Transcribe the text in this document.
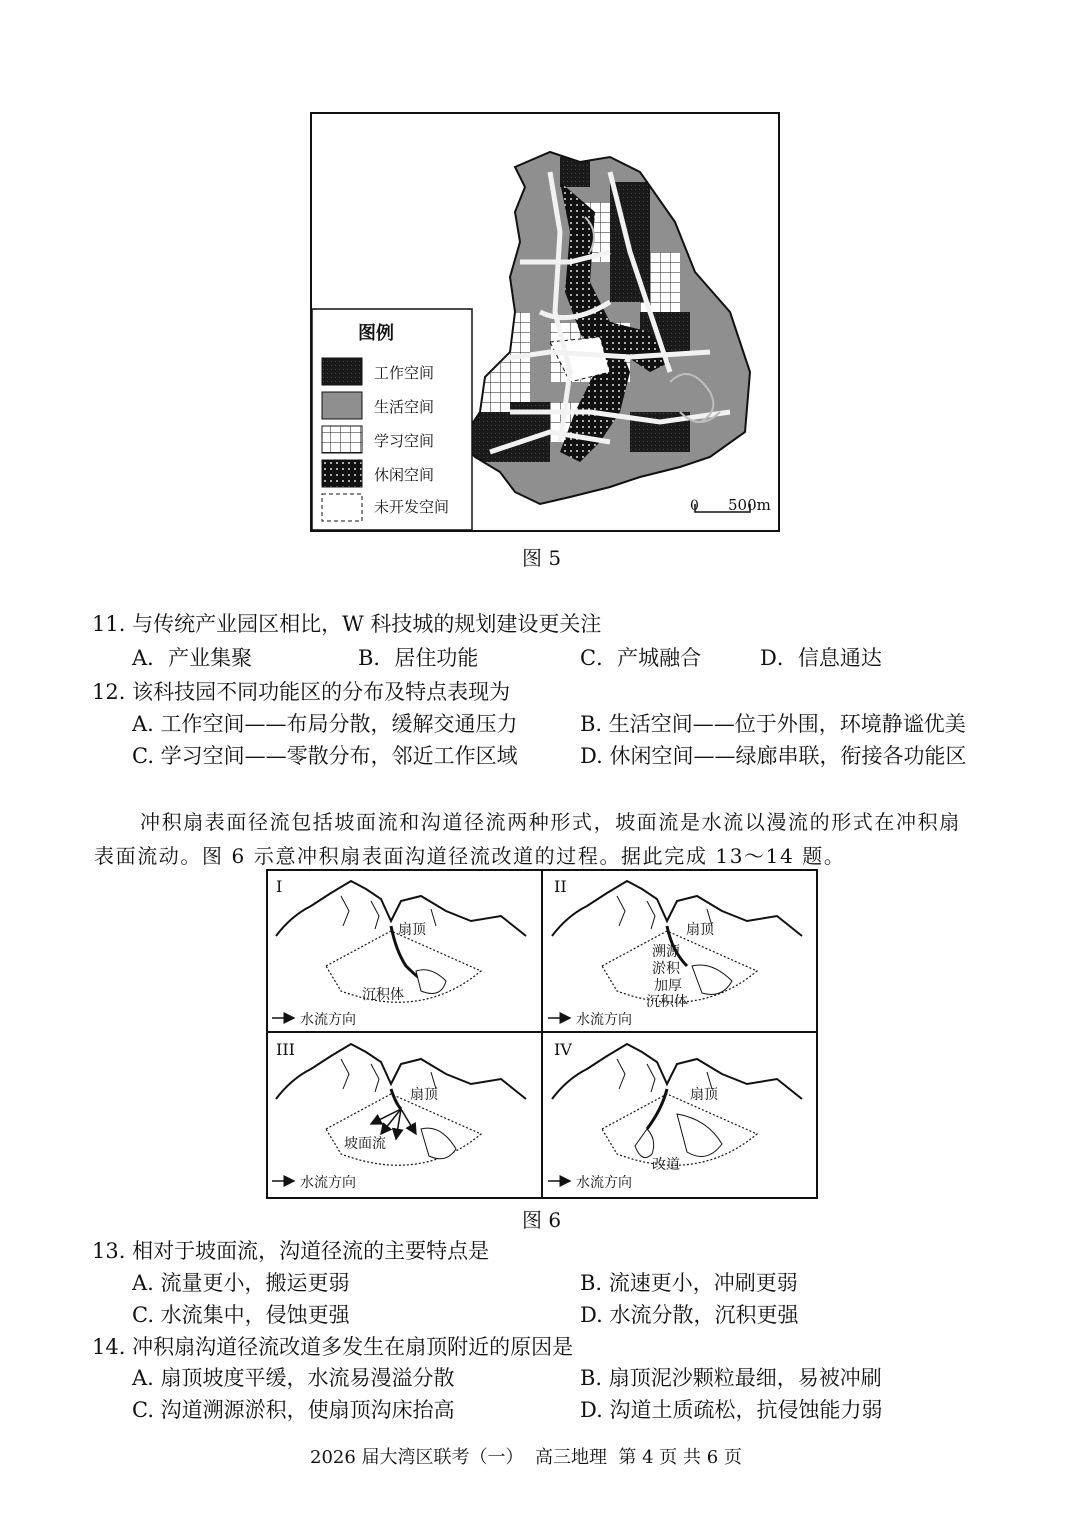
图例
工作空间
生活空间
学习空间
休闲空间
未开发空间	0 500m
图 5
11. 与传统产业园区相比，W 科技城的规划建设更关注
A．产业集聚	B．居住功能	C．产城融合	D．信息通达
12. 该科技园不同功能区的分布及特点表现为
A. 工作空间——布局分散，缓解交通压力	B. 生活空间——位于外围，环境静谧优美
C. 学习空间——零散分布，邻近工作区域	D. 休闲空间——绿廊串联，衔接各功能区
冲积扇表面径流包括坡面流和沟道径流两种形式，坡面流是水流以漫流的形式在冲积扇
表面流动。图 6 示意冲积扇表面沟道径流改道的过程。据此完成 13～14 题。
I
扇顶
沉积体
水流方向
II
扇顶
溯源
淤积
加厚
沉积体
水流方向
III
扇顶
坡面流
水流方向
IV
扇顶
改道
水流方向
图 6
13. 相对于坡面流，沟道径流的主要特点是
A. 流量更小，搬运更弱	B. 流速更小，冲刷更弱
C. 水流集中，侵蚀更强	D. 水流分散，沉积更强
14. 冲积扇沟道径流改道多发生在扇顶附近的原因是
A. 扇顶坡度平缓，水流易漫溢分散	B. 扇顶泥沙颗粒最细，易被冲刷
C. 沟道溯源淤积，使扇顶沟床抬高	D. 沟道土质疏松，抗侵蚀能力弱
2026 届大湾区联考（一）  高三地理  第 4 页 共 6 页
